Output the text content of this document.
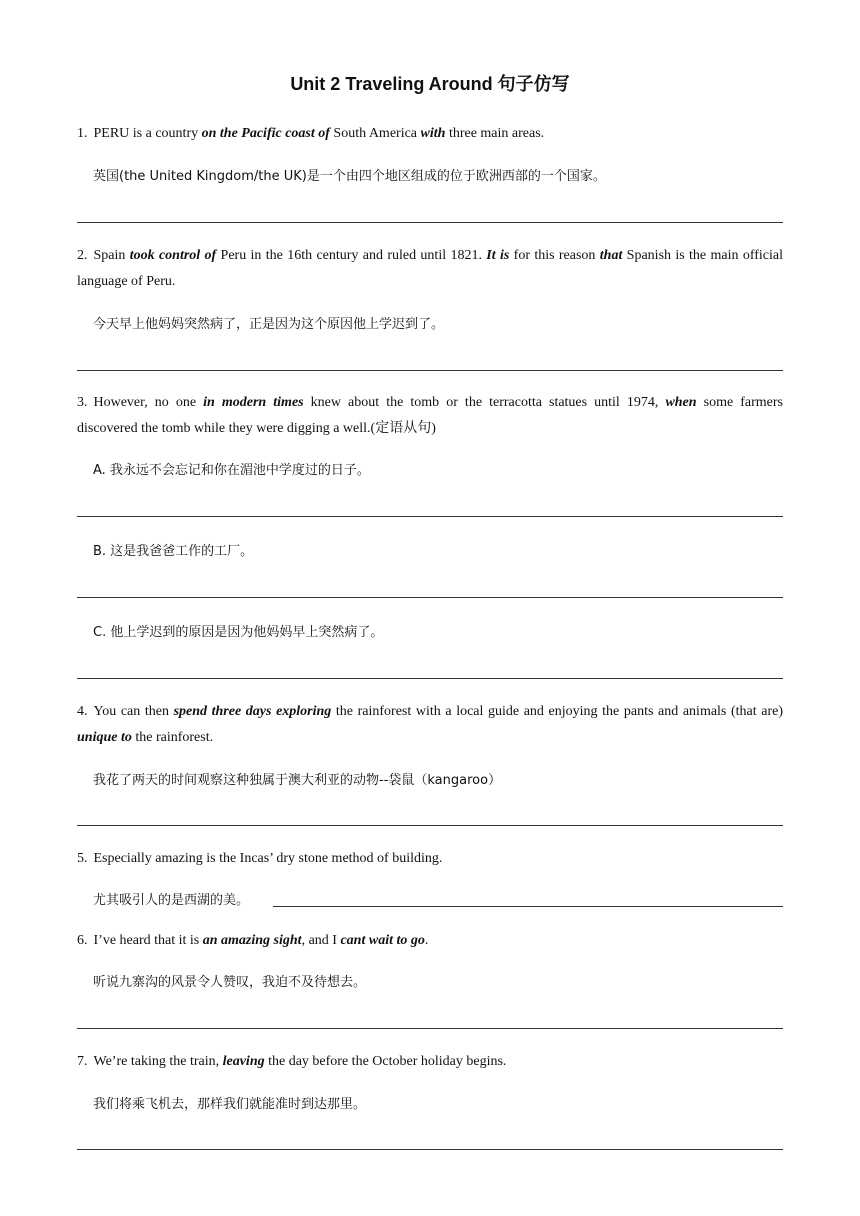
Unit 2 Traveling Around 句子仿写
1. PERU is a country on the Pacific coast of South America with three main areas.
英国(the United Kingdom/the UK)是一个由四个地区组成的位于欧洲西部的一个国家。
2. Spain took control of Peru in the 16th century and ruled until 1821. It is for this reason that Spanish is the main official language of Peru.
今天早上他妈妈突然病了，正是因为这个原因他上学迟到了。
3. However, no one in modern times knew about the tomb or the terracotta statues until 1974, when some farmers discovered the tomb while they were digging a well.(定语从句)
A. 我永远不会忘记和你在湄池中学度过的日子。
B. 这是我爸爸工作的工厂。
C. 他上学迟到的原因是因为他妈妈早上突然病了。
4. You can then spend three days exploring the rainforest with a local guide and enjoying the pants and animals (that are) unique to the rainforest.
我花了两天的时间观察这种独属于澳大利亚的动物--袋鼠（kangaroo）
5. Especially amazing is the Incas’ dry stone method of building.
尤其吸引人的是西湖的美。
6. I’ve heard that it is an amazing sight, and I cant wait to go.
听说九寨沟的风景令人赞叹，我迫不及待想去。
7. We’re taking the train, leaving the day before the October holiday begins.
我们将乘飞机去，那样我们就能准时到达那里。
